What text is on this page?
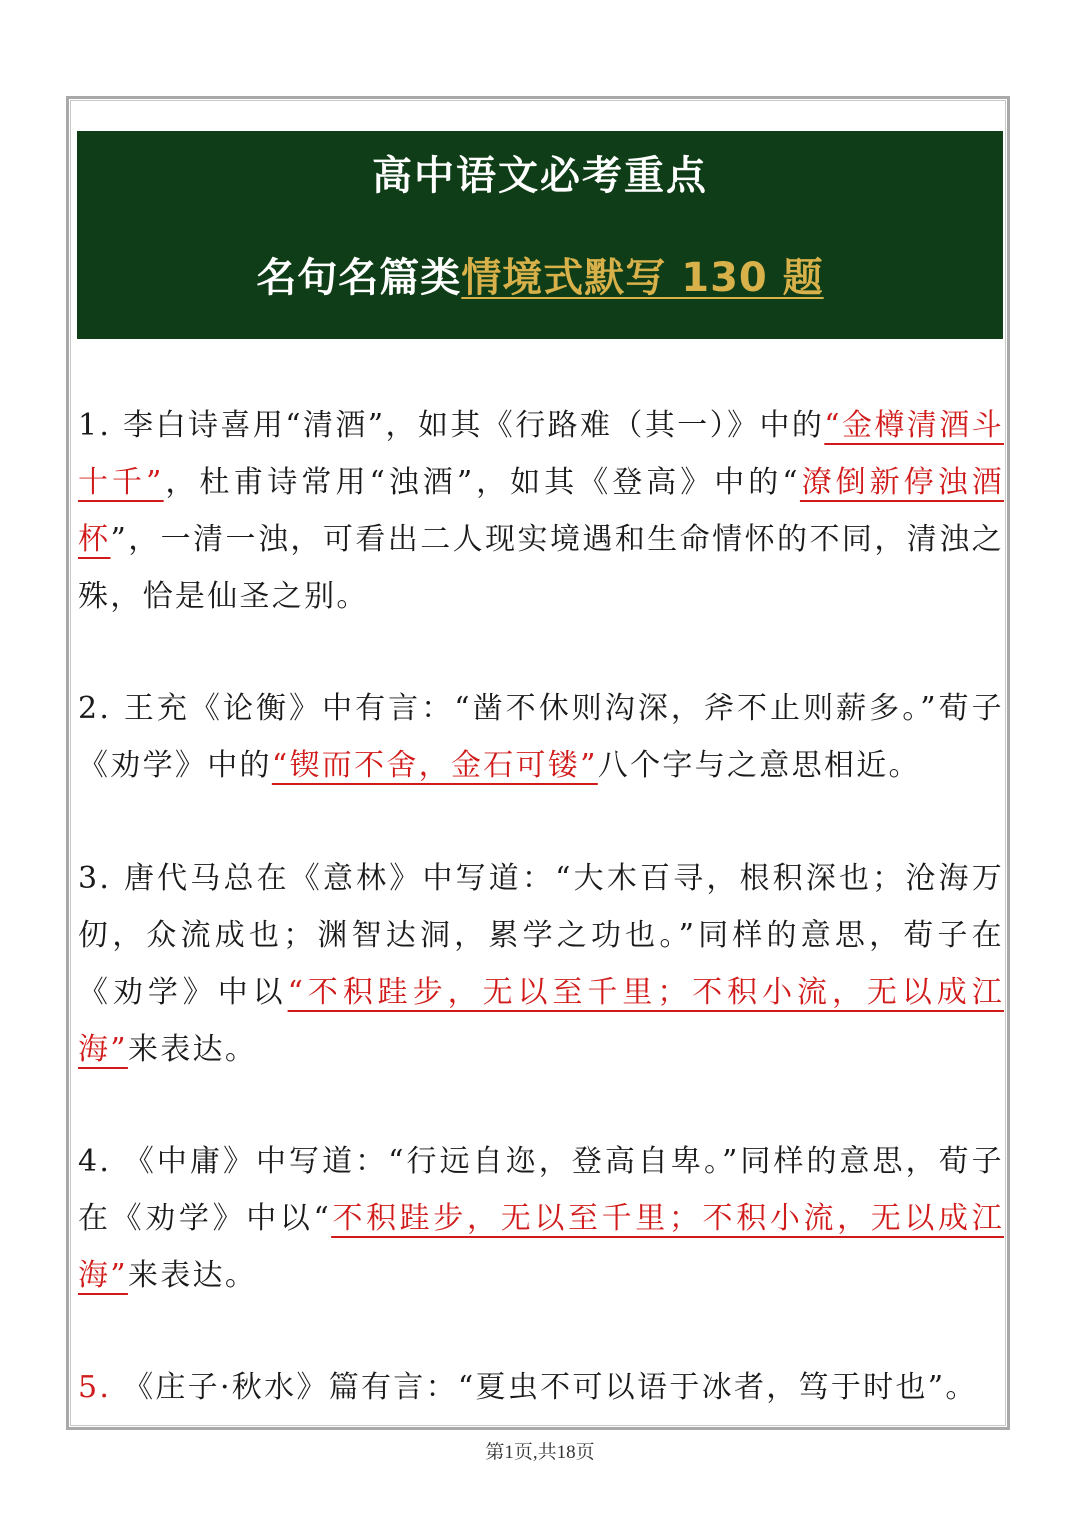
高中语文必考重点
名句名篇类情境式默写 130 题
1. 李白诗喜用“清酒”，如其《行路难（其一）》中的“金樽清酒斗十千”，杜甫诗常用“浊酒”，如其《登高》中的“潦倒新停浊酒杯”，一清一浊，可看出二人现实境遇和生命情怀的不同，清浊之殊，恰是仙圣之别。
2. 王充《论衡》中有言：“凿不休则沟深，斧不止则薪多。”荀子《劝学》中的“锲而不舍，金石可镂”八个字与之意思相近。
3. 唐代马总在《意林》中写道：“大木百寻，根积深也；沧海万仞，众流成也；渊智达洞，累学之功也。”同样的意思，荀子在《劝学》中以“不积跬步，无以至千里；不积小流，无以成江海”来表达。
4. 《中庸》中写道：“行远自迩，登高自卑。”同样的意思，荀子在《劝学》中以“不积跬步，无以至千里；不积小流，无以成江海”来表达。
5. 《庄子·秋水》篇有言：“夏虫不可以语于冰者，笃于时也”。
第1页,共18页
